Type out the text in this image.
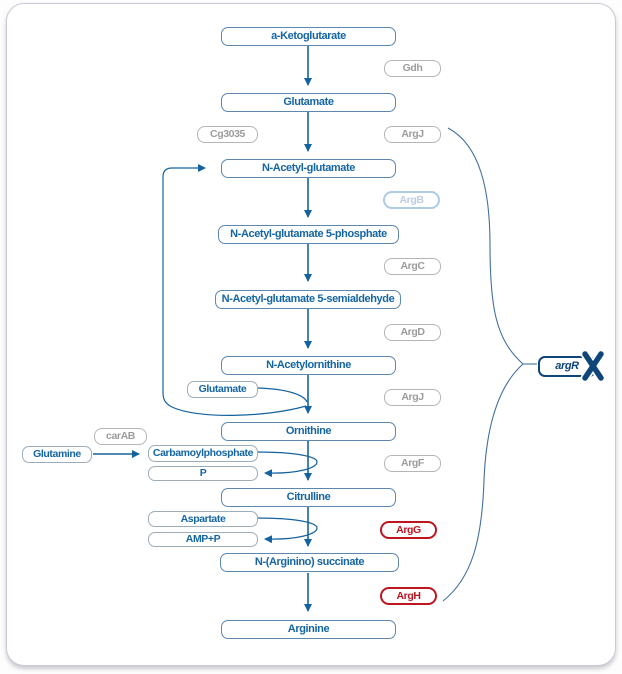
a-Ketoglutarate
Glutamate
N-Acetyl-glutamate
N-Acetyl-glutamate 5-phosphate
N-Acetyl-glutamate 5-semialdehyde
N-Acetylornithine
Ornithine
Citrulline
N-(Arginino) succinate
Arginine
Gdh
ArgJ
ArgB
ArgC
ArgD
ArgJ
ArgF
ArgG
ArgH
Cg3035
carAB
Glutamine	Carbamoylphosphate
P
Glutamate
Aspartate
AMP+P
argR
